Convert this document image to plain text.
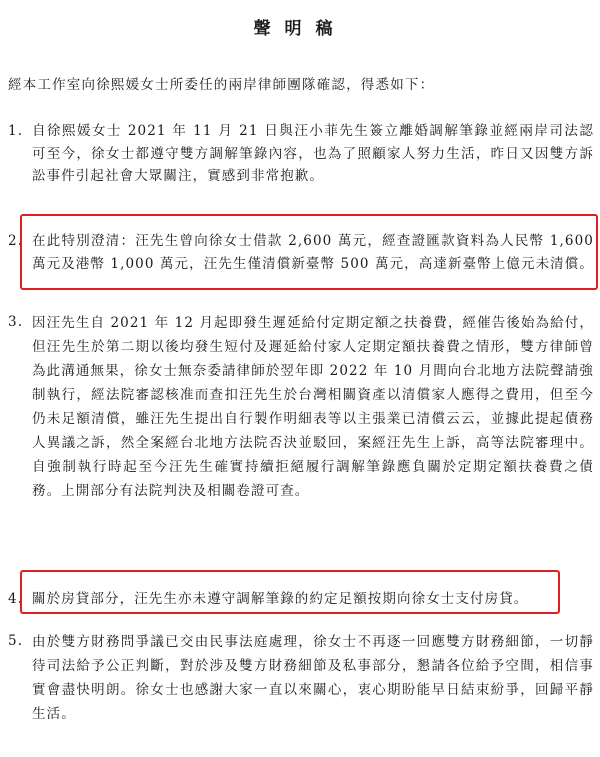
聲明稿
經本工作室向徐熙媛女士所委任的兩岸律師團隊確認，得悉如下：
1. 自徐熙媛女士 2021 年 11 月 21 日與汪小菲先生簽立離婚調解筆錄並經兩岸司法認可至今，徐女士都遵守雙方調解筆錄內容，也為了照顧家人努力生活，昨日又因雙方訴訟事件引起社會大眾關注，實感到非常抱歉。
2. 在此特別澄清：汪先生曾向徐女士借款 2,600 萬元，經查證匯款資料為人民幣 1,600 萬元及港幣 1,000 萬元，汪先生僅清償新臺幣 500 萬元，高達新臺幣上億元未清償。
3. 因汪先生自 2021 年 12 月起即發生遲延給付定期定額之扶養費，經催告後始為給付，但汪先生於第二期以後均發生短付及遲延給付家人定期定額扶養費之情形，雙方律師曾為此溝通無果，徐女士無奈委請律師於翌年即 2022 年 10 月間向台北地方法院聲請強制執行，經法院審認核准而查扣汪先生於台灣相關資產以清償家人應得之費用，但至今仍未足額清償，雖汪先生提出自行製作明細表等以主張業已清償云云，並據此提起債務人異議之訴，然全案經台北地方法院否決並駁回，案經汪先生上訴，高等法院審理中。自強制執行時起至今汪先生確實持續拒絕履行調解筆錄應負關於定期定額扶養費之債務。上開部分有法院判決及相關卷證可查。
4. 關於房貸部分，汪先生亦未遵守調解筆錄的約定足額按期向徐女士支付房貸。
5. 由於雙方財務問爭議已交由民事法庭處理，徐女士不再逐一回應雙方財務細節，一切靜待司法給予公正判斷，對於涉及雙方財務細節及私事部分，懇請各位給予空間，相信事實會盡快明朗。徐女士也感謝大家一直以來關心，衷心期盼能早日結束紛爭，回歸平靜生活。
